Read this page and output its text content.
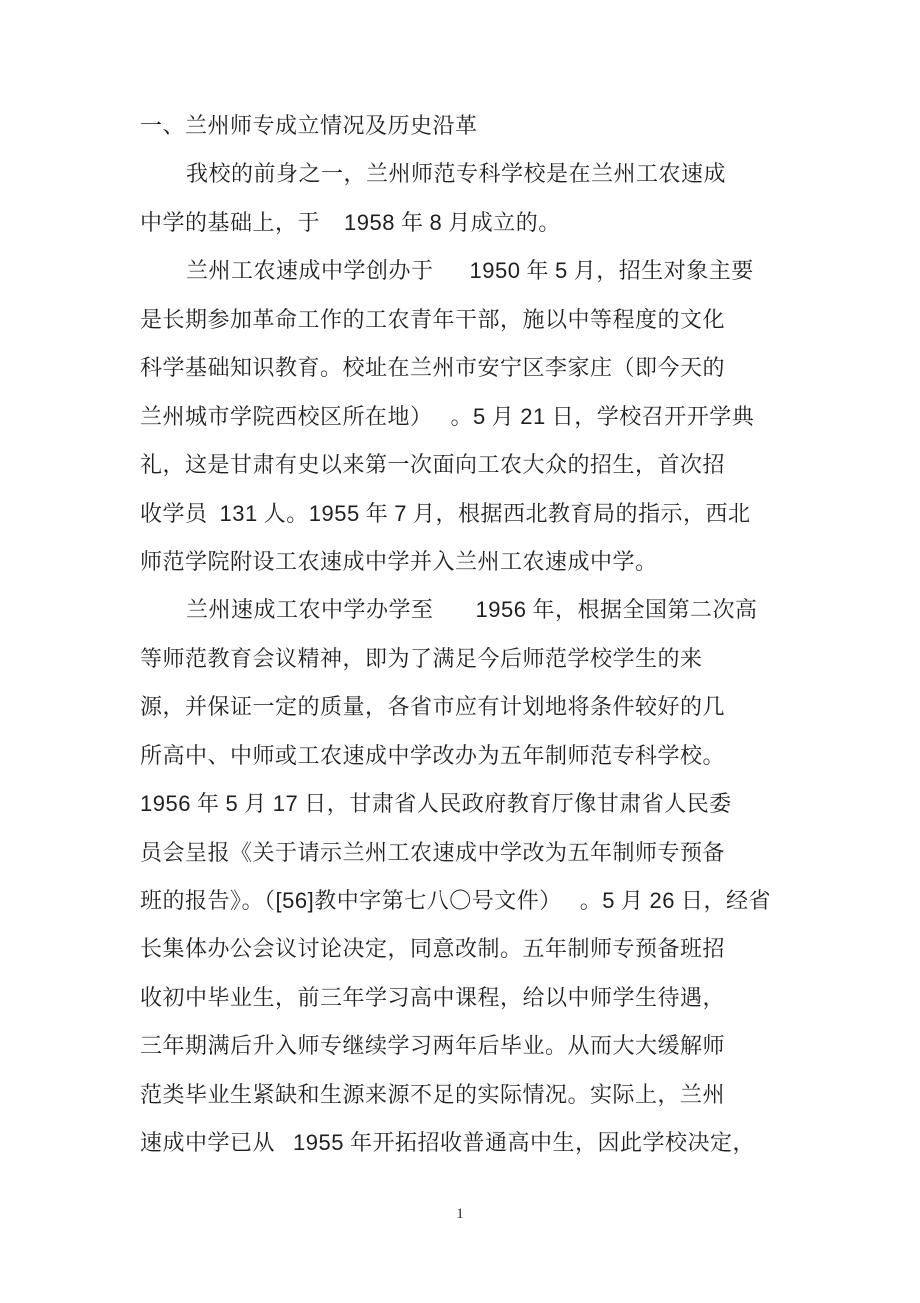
一、兰州师专成立情况及历史沿革
我校的前身之一，兰州师范专科学校是在兰州工农速成
中学的基础上，于    1958 年 8 月成立的。
兰州工农速成中学创办于      1950 年 5 月，招生对象主要
是长期参加革命工作的工农青年干部，施以中等程度的文化
科学基础知识教育。校址在兰州市安宁区李家庄（即今天的
兰州城市学院西校区所在地）   。5 月 21 日，学校召开开学典
礼，这是甘肃有史以来第一次面向工农大众的招生，首次招
收学员  131 人。1955 年 7 月，根据西北教育局的指示，西北
师范学院附设工农速成中学并入兰州工农速成中学。
兰州速成工农中学办学至       1956 年，根据全国第二次高
等师范教育会议精神，即为了满足今后师范学校学生的来
源，并保证一定的质量，各省市应有计划地将条件较好的几
所高中、中师或工农速成中学改办为五年制师范专科学校。
1956 年 5 月 17 日，甘肃省人民政府教育厅像甘肃省人民委
员会呈报《关于请示兰州工农速成中学改为五年制师专预备
班的报告》。（[56]教中字第七八〇号文件）   。5 月 26 日，经省
长集体办公会议讨论决定，同意改制。五年制师专预备班招
收初中毕业生，前三年学习高中课程，给以中师学生待遇，
三年期满后升入师专继续学习两年后毕业。从而大大缓解师
范类毕业生紧缺和生源来源不足的实际情况。实际上，兰州
速成中学已从   1955 年开拓招收普通高中生，因此学校决定，
1
